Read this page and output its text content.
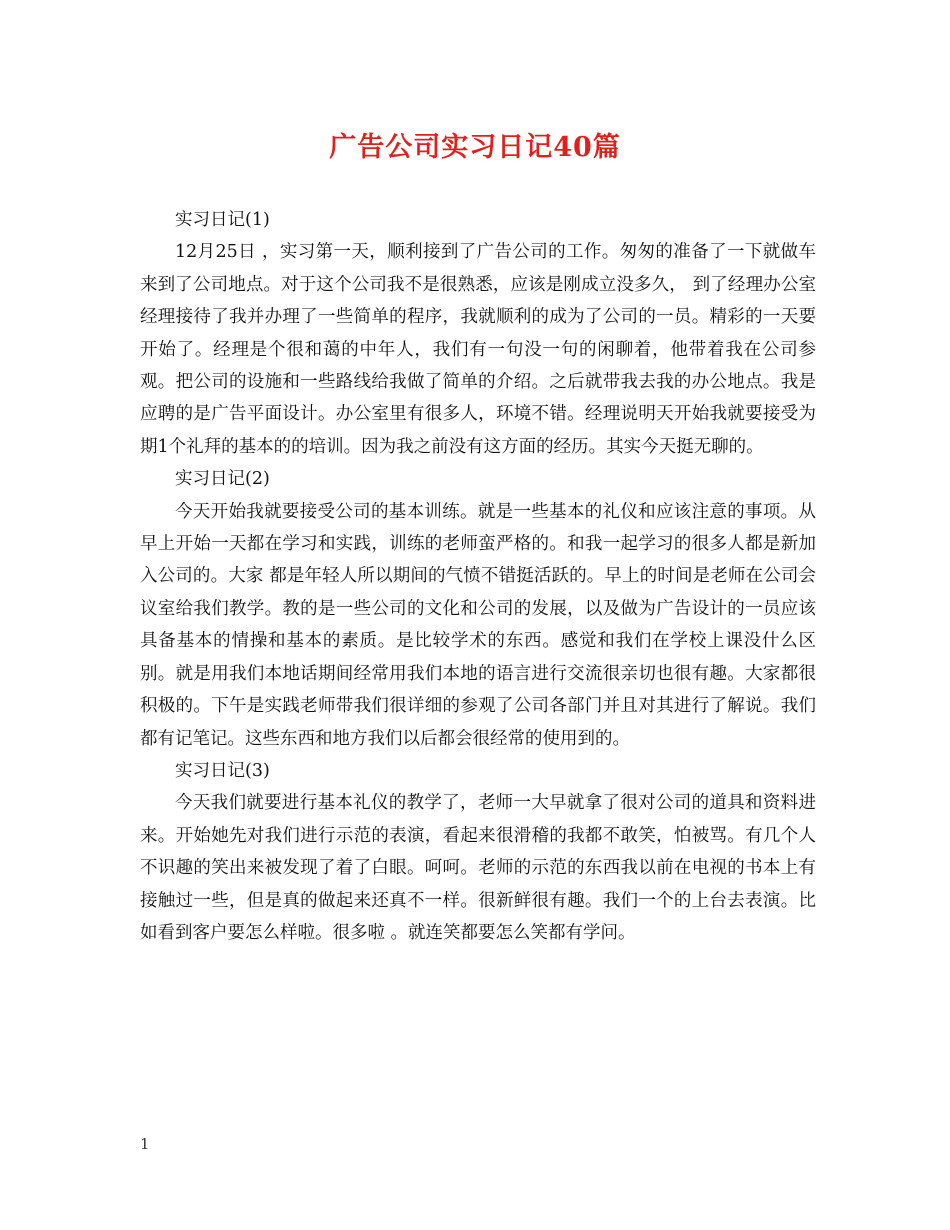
广告公司实习日记40篇

实习日记(1)

12月25日 ，实习第一天，顺利接到了广告公司的工作。匆匆的准备了一下就做车来到了公司地点。对于这个公司我不是很熟悉，应该是刚成立没多久， 到了经理办公室经理接待了我并办理了一些简单的程序，我就顺利的成为了公司的一员。精彩的一天要开始了。经理是个很和蔼的中年人，我们有一句没一句的闲聊着，他带着我在公司参观。把公司的设施和一些路线给我做了简单的介绍。之后就带我去我的办公地点。我是应聘的是广告平面设计。办公室里有很多人，环境不错。经理说明天开始我就要接受为期1个礼拜的基本的的培训。因为我之前没有这方面的经历。其实今天挺无聊的。

实习日记(2)

今天开始我就要接受公司的基本训练。就是一些基本的礼仪和应该注意的事项。从早上开始一天都在学习和实践，训练的老师蛮严格的。和我一起学习的很多人都是新加入公司的。大家 都是年轻人所以期间的气愤不错挺活跃的。早上的时间是老师在公司会议室给我们教学。教的是一些公司的文化和公司的发展，以及做为广告设计的一员应该具备基本的情操和基本的素质。是比较学术的东西。感觉和我们在学校上课没什么区别。就是用我们本地话期间经常用我们本地的语言进行交流很亲切也很有趣。大家都很积极的。下午是实践老师带我们很详细的参观了公司各部门并且对其进行了解说。我们都有记笔记。这些东西和地方我们以后都会很经常的使用到的。

实习日记(3)

今天我们就要进行基本礼仪的教学了，老师一大早就拿了很对公司的道具和资料进来。开始她先对我们进行示范的表演，看起来很滑稽的我都不敢笑，怕被骂。有几个人不识趣的笑出来被发现了着了白眼。呵呵。老师的示范的东西我以前在电视的书本上有接触过一些，但是真的做起来还真不一样。很新鲜很有趣。我们一个的上台去表演。比如看到客户要怎么样啦。很多啦 。就连笑都要怎么笑都有学问。

1
